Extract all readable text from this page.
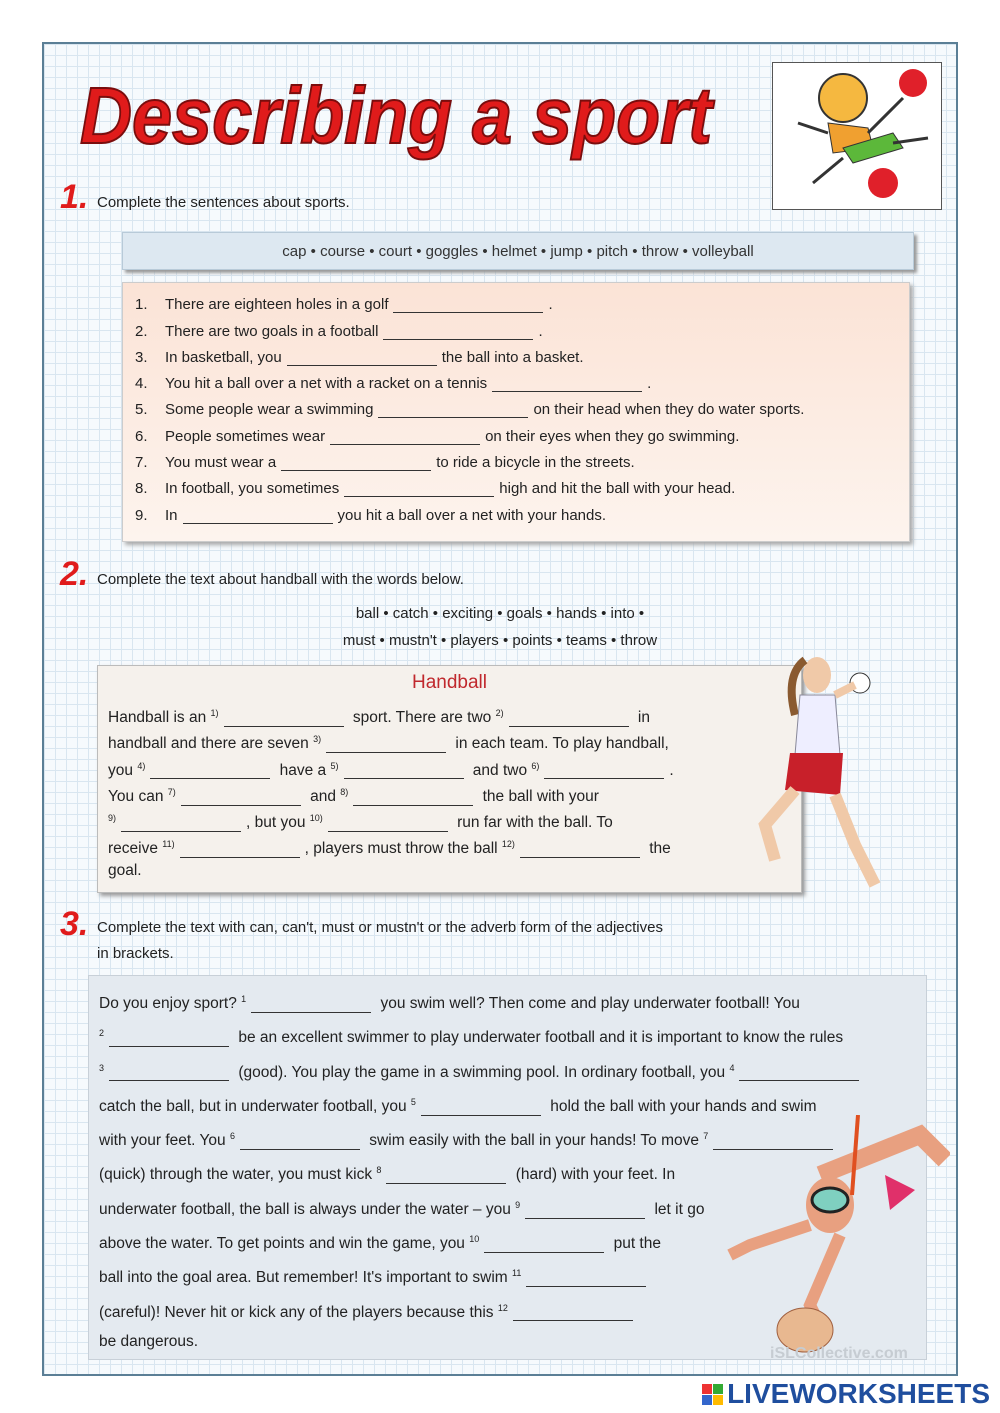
Describing a sport
1. Complete the sentences about sports.
cap • course • court • goggles • helmet • jump • pitch • throw • volleyball
1.	There are eighteen holes in a golf	.
2.	There are two goals in a football	.
3.	In basketball, you	the ball into a basket.
4.	You hit a ball over a net with a racket on a tennis	.
5.	Some people wear a swimming	on their head when they do water sports.
6.	People sometimes wear	on their eyes when they go swimming.
7.	You must wear a	to ride a bicycle in the streets.
8.	In football, you sometimes	high and hit the ball with your head.
9.	In	you hit a ball over a net with your hands.
2. Complete the text about handball with the words below.
ball • catch • exciting • goals • hands • into •
must • mustn't • players • points • teams • throw
Handball
Handball is an $^{1)}$	sport. There are two $^{2)}$	in
handball and there are seven $^{3)}$	in each team. To play handball,
you $^{4)}$	have a $^{5)}$	and two $^{6)}$	.
You can $^{7)}$	and $^{8)}$	the ball with your
$^{9)}$	, but you $^{10)}$	run far with the ball. To
receive $^{11)}$	, players must throw the ball $^{12)}$	the
goal.
3. Complete the text with can, can't, must or mustn't or the adverb form of the adjectives
in brackets.
Do you enjoy sport? $^1$	you swim well? Then come and play underwater football! You
$^2$	be an excellent swimmer to play underwater football and it is important to know the rules
$^3$	(good). You play the game in a swimming pool. In ordinary football, you $^4$
catch the ball, but in underwater football, you $^5$	hold the ball with your hands and swim
with your feet. You $^6$	swim easily with the ball in your hands! To move $^7$
(quick) through the water, you must kick $^8$	(hard) with your feet. In
underwater football, the ball is always under the water – you $^9$	let it go
above the water. To get points and win the game, you $^{10}$	put the
ball into the goal area. But remember! It's important to swim $^{11}$
(careful)! Never hit or kick any of the players because this $^{12}$
be dangerous.
iSLCollective.com
LIVEWORKSHEETS
